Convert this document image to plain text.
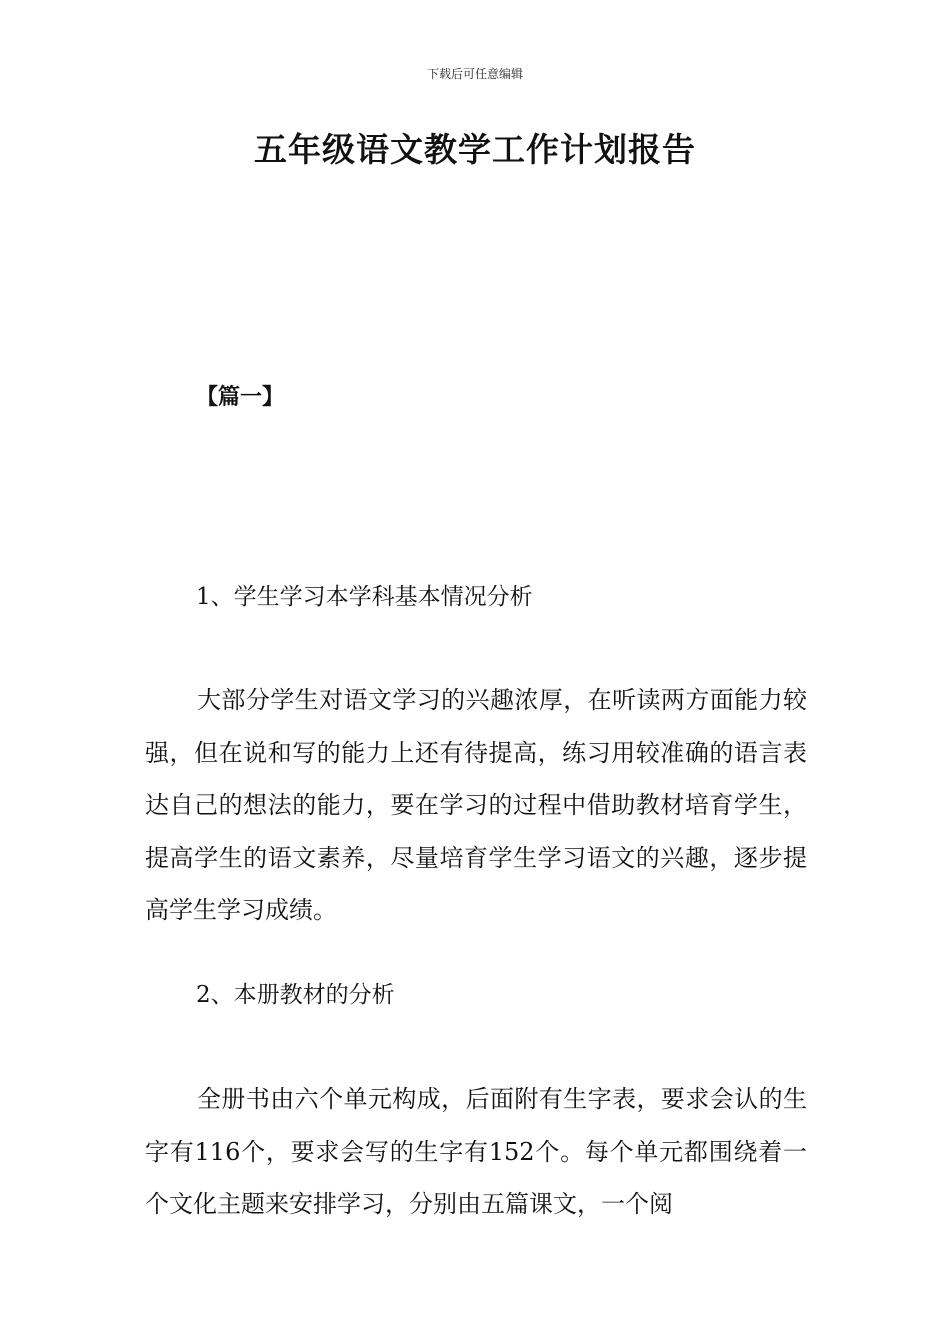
下载后可任意编辑
五年级语文教学工作计划报告
【篇一】
1、学生学习本学科基本情况分析

大部分学生对语文学习的兴趣浓厚，在听读两方面能力较强，但在说和写的能力上还有待提高，练习用较准确的语言表达自己的想法的能力，要在学习的过程中借助教材培育学生，提高学生的语文素养，尽量培育学生学习语文的兴趣，逐步提高学生学习成绩。

2、本册教材的分析

全册书由六个单元构成，后面附有生字表，要求会认的生字有116个，要求会写的生字有152个。每个单元都围绕着一个文化主题来安排学习，分别由五篇课文，一个阅
